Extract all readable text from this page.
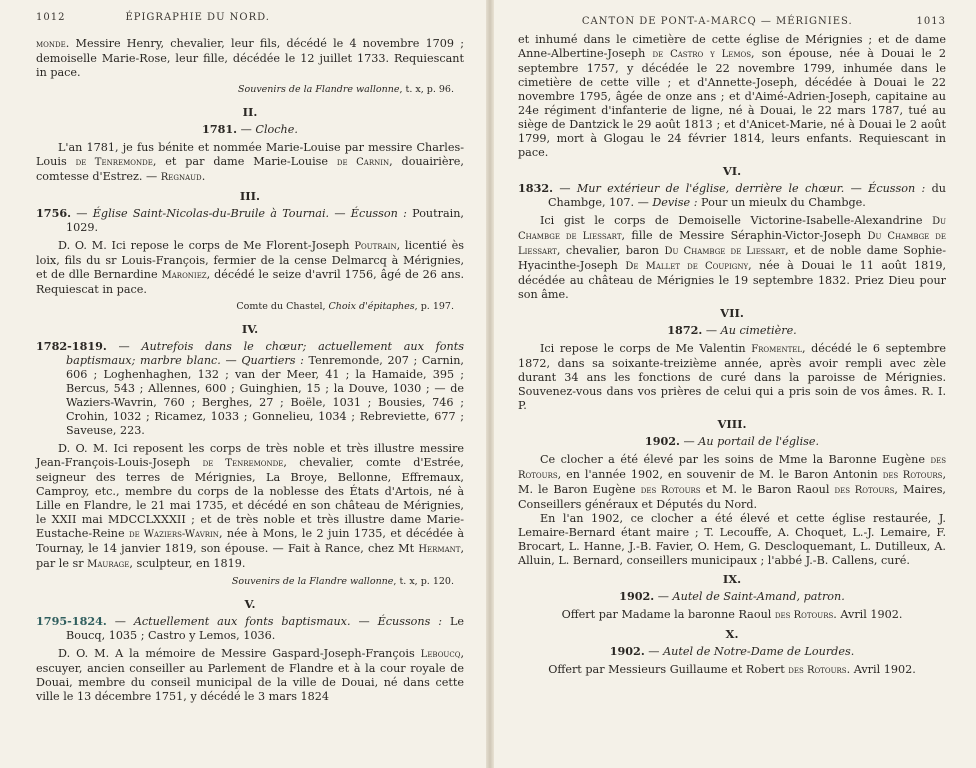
1012	ÉPIGRAPHIE DU NORD.

monde. Messire Henry, chevalier, leur fils, décédé le 4 novembre 1709 ; demoiselle Marie-Rose, leur fille, décédée le 12 juillet 1733. Requiescant in pace.

Souvenirs de la Flandre wallonne, t. x, p. 96.

II.

1781. — Cloche.

L'an 1781, je fus bénite et nommée Marie-Louise par messire Charles-Louis de Tenremonde, et par dame Marie-Louise de Carnin, douairière, comtesse d'Estrez. — Regnaud.

III.

1756. — Église Saint-Nicolas-du-Bruile à Tournai. — Écusson : Poutrain, 1029.

D. O. M. Ici repose le corps de Me Florent-Joseph Poutrain, licentié ès loix, fils du sr Louis-François, fermier de la cense Delmarcq à Mérignies, et de dlle Bernardine Maroniez, décédé le seize d'avril 1756, âgé de 26 ans. Requiescat in pace.

Comte du Chastel, Choix d'épitaphes, p. 197.

IV.

1782-1819. — Autrefois dans le chœur; actuellement aux fonts baptismaux; marbre blanc. — Quartiers : Tenremonde, 207 ; Carnin, 606 ; Loghenhaghen, 132 ; van der Meer, 41 ; la Hamaide, 395 ; Bercus, 543 ; Allennes, 600 ; Guinghien, 15 ; la Douve, 1030 ; — de Waziers-Wavrin, 760 ; Berghes, 27 ; Boële, 1031 ; Bousies, 746 ; Crohin, 1032 ; Ricamez, 1033 ; Gonnelieu, 1034 ; Rebreviette, 677 ; Saveuse, 223.

D. O. M. Ici reposent les corps de très noble et très illustre messire Jean-François-Louis-Joseph de Tenremonde, chevalier, comte d'Estrée, seigneur des terres de Mérignies, La Broye, Bellonne, Effremaux, Camproy, etc., membre du corps de la noblesse des États d'Artois, né à Lille en Flandre, le 21 mai 1735, et décédé en son château de Mérignies, le XXII mai MDCCLXXXII ; et de très noble et très illustre dame Marie-Eustache-Reine de Waziers-Wavrin, née à Mons, le 2 juin 1735, et décédée à Tournay, le 14 janvier 1819, son épouse. — Fait à Rance, chez Mt Hermant, par le sr Maurage, sculpteur, en 1819.

Souvenirs de la Flandre wallonne, t. x, p. 120.

V.

1795-1824. — Actuellement aux fonts baptismaux. — Écussons : Le Boucq, 1035 ; Castro y Lemos, 1036.

D. O. M. A la mémoire de Messire Gaspard-Joseph-François Leboucq, escuyer, ancien conseiller au Parlement de Flandre et à la cour royale de Douai, membre du conseil municipal de la ville de Douai, né dans cette ville le 13 décembre 1751, y décédé le 3 mars 1824

CANTON DE PONT-A-MARCQ — MÉRIGNIES.	1013

et inhumé dans le cimetière de cette église de Mérignies ; et de dame Anne-Albertine-Joseph de Castro y Lemos, son épouse, née à Douai le 2 septembre 1757, y décédée le 22 novembre 1799, inhumée dans le cimetière de cette ville ; et d'Annette-Joseph, décédée à Douai le 22 novembre 1795, âgée de onze ans ; et d'Aimé-Adrien-Joseph, capitaine au 24e régiment d'infanterie de ligne, né à Douai, le 22 mars 1787, tué au siège de Dantzick le 29 août 1813 ; et d'Anicet-Marie, né à Douai le 2 août 1799, mort à Glogau le 24 février 1814, leurs enfants. Requiescant in pace.

VI.

1832. — Mur extérieur de l'église, derrière le chœur. — Écusson : du Chambge, 107. — Devise : Pour un mieulx du Chambge.

Ici gist le corps de Demoiselle Victorine-Isabelle-Alexandrine Du Chambge de Liessart, fille de Messire Séraphin-Victor-Joseph Du Chambge de Liessart, chevalier, baron Du Chambge de Liessart, et de noble dame Sophie-Hyacinthe-Joseph De Mallet de Coupigny, née à Douai le 11 août 1819, décédée au château de Mérignies le 19 septembre 1832. Priez Dieu pour son âme.

VII.

1872. — Au cimetière.

Ici repose le corps de Me Valentin Fromentel, décédé le 6 septembre 1872, dans sa soixante-treizième année, après avoir rempli avec zèle durant 34 ans les fonctions de curé dans la paroisse de Mérignies. Souvenez-vous dans vos prières de celui qui a pris soin de vos âmes. R. I. P.

VIII.

1902. — Au portail de l'église.

Ce clocher a été élevé par les soins de Mme la Baronne Eugène des Rotours, en l'année 1902, en souvenir de M. le Baron Antonin des Rotours, M. le Baron Eugène des Rotours et M. le Baron Raoul des Rotours, Maires, Conseillers généraux et Députés du Nord.

En l'an 1902, ce clocher a été élevé et cette église restaurée, J. Lemaire-Bernard étant maire ; T. Lecouffe, A. Choquet, L.-J. Lemaire, F. Brocart, L. Hanne, J.-B. Favier, O. Hem, G. Descloquemant, L. Dutilleux, A. Alluin, L. Bernard, conseillers municipaux ; l'abbé J.-B. Callens, curé.

IX.

1902. — Autel de Saint-Amand, patron.

Offert par Madame la baronne Raoul des Rotours. Avril 1902.

X.

1902. — Autel de Notre-Dame de Lourdes.

Offert par Messieurs Guillaume et Robert des Rotours. Avril 1902.
